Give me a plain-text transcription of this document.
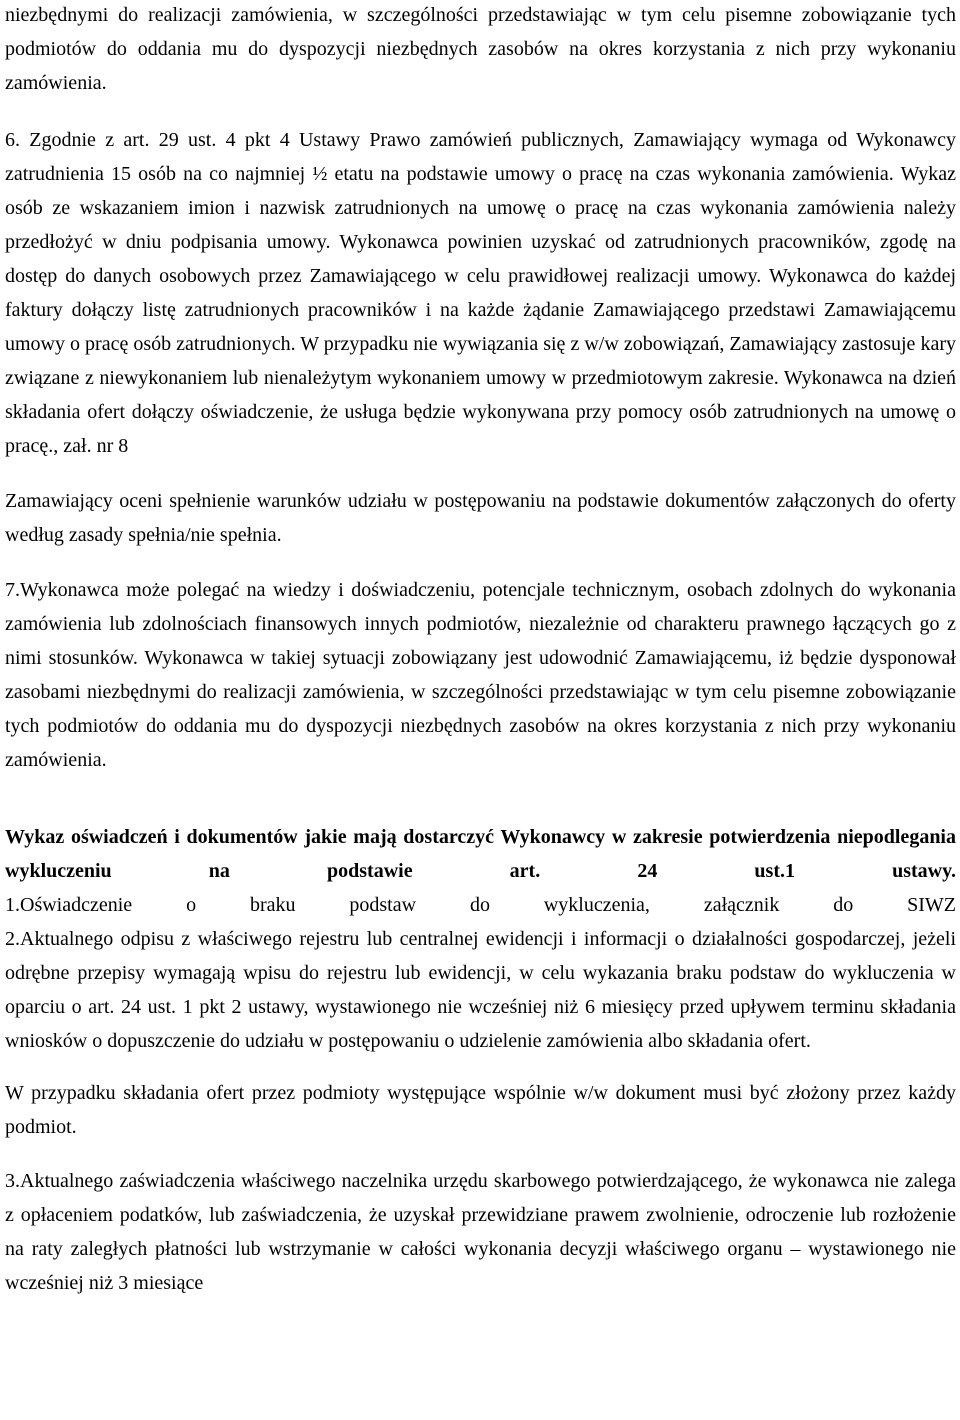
niezbędnymi do realizacji zamówienia, w szczególności przedstawiając w tym celu pisemne zobowiązanie tych podmiotów do oddania mu do dyspozycji niezbędnych zasobów na okres korzystania z nich przy wykonaniu zamówienia.

6. Zgodnie z art. 29 ust. 4 pkt 4 Ustawy Prawo zamówień publicznych, Zamawiający wymaga od Wykonawcy zatrudnienia 15 osób na co najmniej ½ etatu na podstawie umowy o pracę na czas wykonania zamówienia. Wykaz osób ze wskazaniem imion i nazwisk zatrudnionych na umowę o pracę na czas wykonania zamówienia należy przedłożyć w dniu podpisania umowy. Wykonawca powinien uzyskać od zatrudnionych pracowników, zgodę na dostęp do danych osobowych przez Zamawiającego w celu prawidłowej realizacji umowy. Wykonawca do każdej faktury dołączy listę zatrudnionych pracowników i na każde żądanie Zamawiającego przedstawi Zamawiającemu umowy o pracę osób zatrudnionych. W przypadku nie wywiązania się z w/w zobowiązań, Zamawiający zastosuje kary związane z niewykonaniem lub nienależytym wykonaniem umowy w przedmiotowym zakresie. Wykonawca na dzień składania ofert dołączy oświadczenie, że usługa będzie wykonywana przy pomocy osób zatrudnionych na umowę o pracę., zał. nr 8

Zamawiający oceni spełnienie warunków udziału w postępowaniu na podstawie dokumentów załączonych do oferty według zasady spełnia/nie spełnia.

7.Wykonawca może polegać na wiedzy i doświadczeniu, potencjale technicznym, osobach zdolnych do wykonania zamówienia lub zdolnościach finansowych innych podmiotów, niezależnie od charakteru prawnego łączących go z nimi stosunków. Wykonawca w takiej sytuacji zobowiązany jest udowodnić Zamawiającemu, iż będzie dysponował zasobami niezbędnymi do realizacji zamówienia, w szczególności przedstawiając w tym celu pisemne zobowiązanie tych podmiotów do oddania mu do dyspozycji niezbędnych zasobów na okres korzystania z nich przy wykonaniu zamówienia.

Wykaz oświadczeń i dokumentów jakie mają dostarczyć Wykonawcy w zakresie potwierdzenia niepodlegania wykluczeniu na podstawie art. 24 ust.1 ustawy.

1.Oświadczenie o braku podstaw do wykluczenia, załącznik do SIWZ

2.Aktualnego odpisu z właściwego rejestru lub centralnej ewidencji i informacji o działalności gospodarczej, jeżeli odrębne przepisy wymagają wpisu do rejestru lub ewidencji, w celu wykazania braku podstaw do wykluczenia w oparciu o art. 24 ust. 1 pkt 2 ustawy, wystawionego nie wcześniej niż 6 miesięcy przed upływem terminu składania wniosków o dopuszczenie do udziału w postępowaniu o udzielenie zamówienia albo składania ofert.

W przypadku składania ofert przez podmioty występujące wspólnie w/w dokument musi być złożony przez każdy podmiot.

3.Aktualnego zaświadczenia właściwego naczelnika urzędu skarbowego potwierdzającego, że wykonawca nie zalega z opłaceniem podatków, lub zaświadczenia, że uzyskał przewidziane prawem zwolnienie, odroczenie lub rozłożenie na raty zaległych płatności lub wstrzymanie w całości wykonania decyzji właściwego organu – wystawionego nie wcześniej niż 3 miesiące
